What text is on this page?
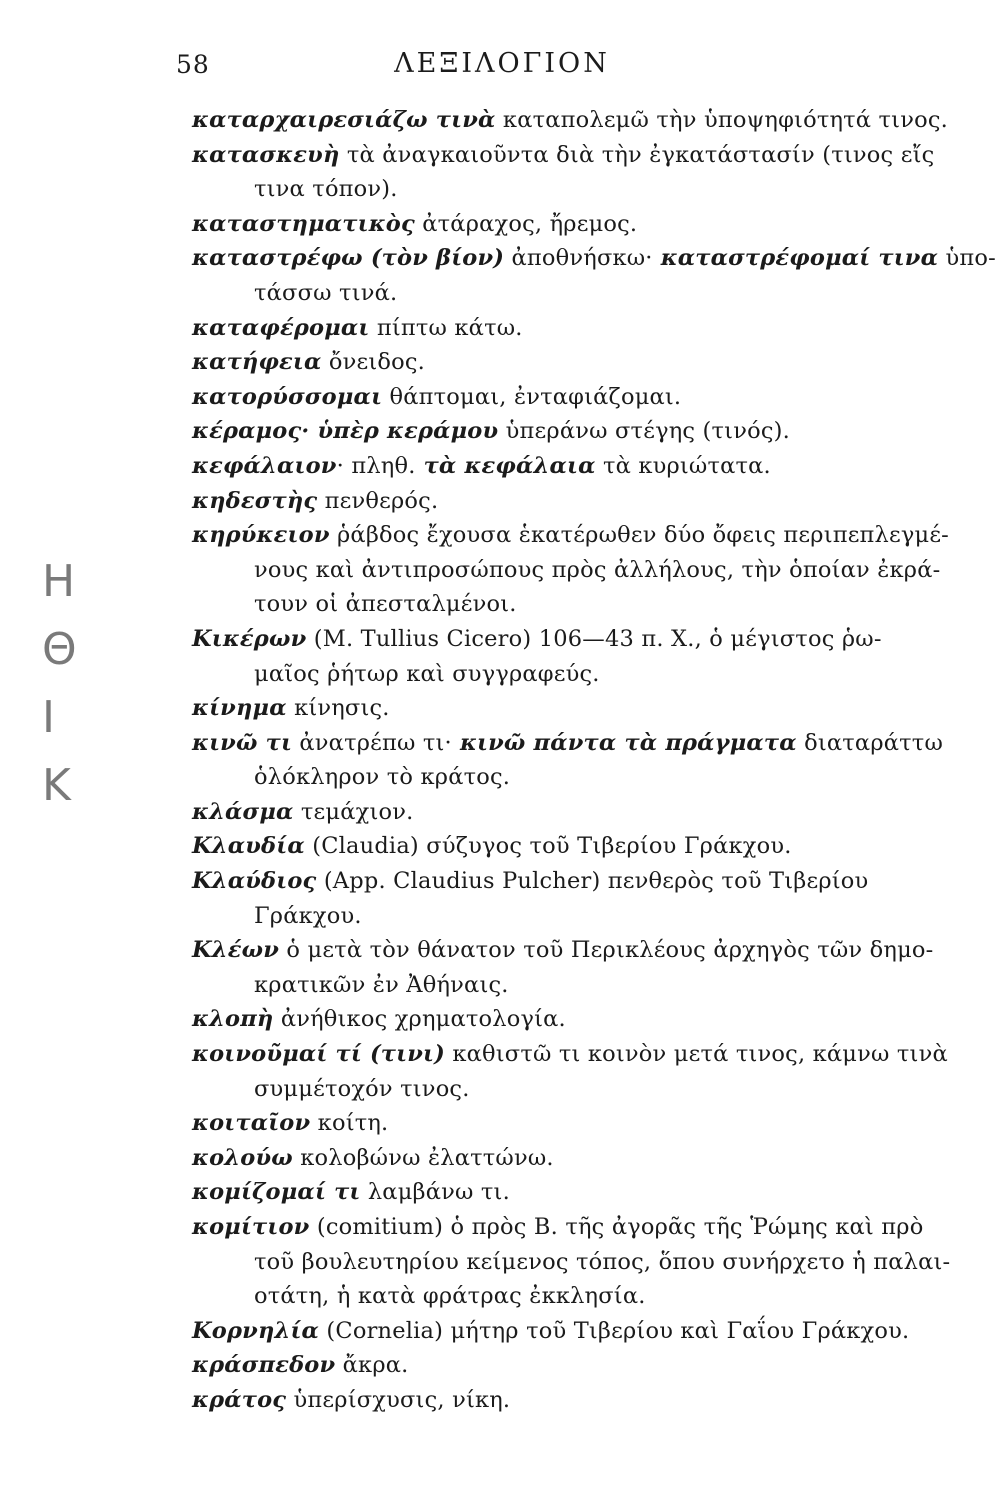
58	ΛΕΞΙΛΟΓΙΟΝ
Η
Θ
Ι
Κ
καταρχαιρεσιάζω τινὰ καταπολεμῶ τὴν ὑποψηφιότητά τινος.
κατασκευὴ τὰ ἀναγκαιοῦντα διὰ τὴν ἐγκατάστασίν (τινος εἴς
τινα τόπον).
καταστηματικὸς ἀτάραχος, ἤρεμος.
καταστρέφω (τὸν βίον) ἀποθνήσκω· καταστρέφομαί τινα ὑπο-
τάσσω τινά.
καταφέρομαι πίπτω κάτω.
κατήφεια ὄνειδος.
κατορύσσομαι θάπτομαι, ἐνταφιάζομαι.
κέραμος· ὑπὲρ κεράμου ὑπεράνω στέγης (τινός).
κεφάλαιον· πληθ. τὰ κεφάλαια τὰ κυριώτατα.
κηδεστὴς πενθερός.
κηρύκειον ῥάβδος ἔχουσα ἑκατέρωθεν δύο ὄφεις περιπεπλεγμέ-
νους καὶ ἀντιπροσώπους πρὸς ἀλλήλους, τὴν ὁποίαν ἐκρά-
τουν οἱ ἀπεσταλμένοι.
Κικέρων (M. Tullius Cicero) 106—43 π. Χ., ὁ μέγιστος ῥω-
μαῖος ῥήτωρ καὶ συγγραφεύς.
κίνημα κίνησις.
κινῶ τι ἀνατρέπω τι· κινῶ πάντα τὰ πράγματα διαταράττω
ὁλόκληρον τὸ κράτος.
κλάσμα τεμάχιον.
Κλαυδία (Claudia) σύζυγος τοῦ Τιβερίου Γράκχου.
Κλαύδιος (App. Claudius Pulcher) πενθερὸς τοῦ Τιβερίου
Γράκχου.
Κλέων ὁ μετὰ τὸν θάνατον τοῦ Περικλέους ἀρχηγὸς τῶν δημο-
κρατικῶν ἐν Ἀθήναις.
κλοπὴ ἀνήθικος χρηματολογία.
κοινοῦμαί τί (τινι) καθιστῶ τι κοινὸν μετά τινος, κάμνω τινὰ
συμμέτοχόν τινος.
κοιταῖον κοίτη.
κολούω κολοβώνω ἐλαττώνω.
κομίζομαί τι λαμβάνω τι.
κομίτιον (comitium) ὁ πρὸς Β. τῆς ἀγορᾶς τῆς Ῥώμης καὶ πρὸ
τοῦ βουλευτηρίου κείμενος τόπος, ὅπου συνήρχετο ἡ παλαι-
οτάτη, ἡ κατὰ φράτρας ἐκκλησία.
Κορνηλία (Cornelia) μήτηρ τοῦ Τιβερίου καὶ Γαΐου Γράκχου.
κράσπεδον ἄκρα.
κράτος ὑπερίσχυσις, νίκη.
